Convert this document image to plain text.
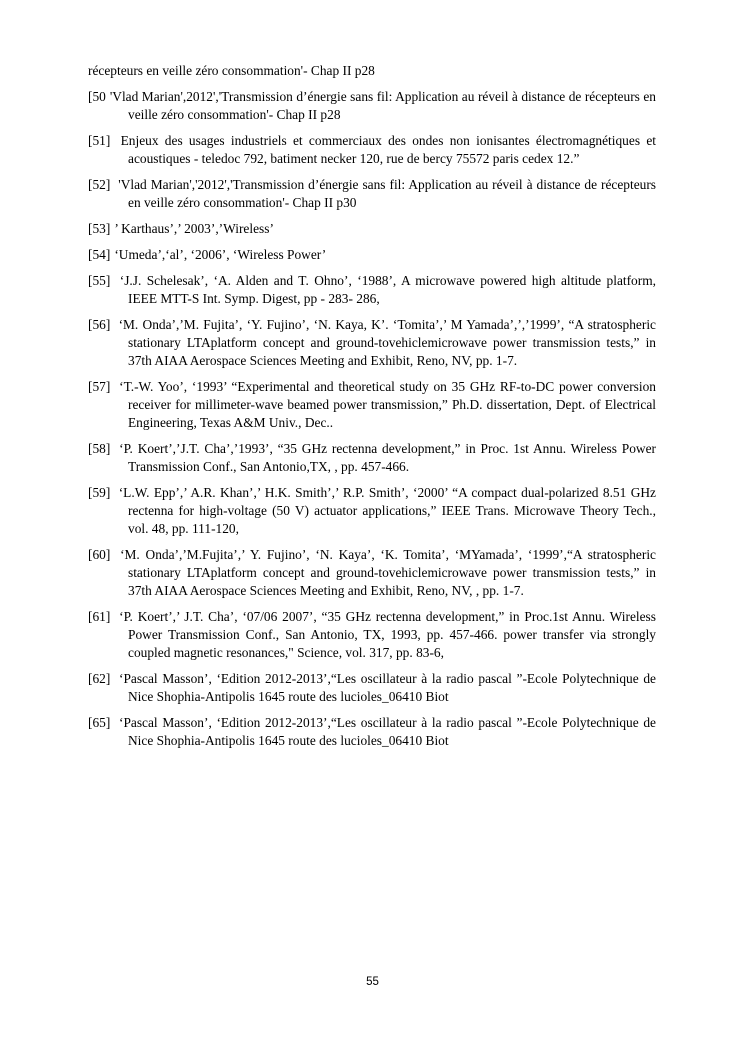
récepteurs en veille zéro consommation'- Chap II p28

[50 'Vlad Marian',2012','Transmission d’énergie sans fil: Application au réveil à distance de récepteurs en veille zéro consommation'- Chap II p28

[51] Enjeux des usages industriels et commerciaux des ondes non ionisantes électromagnétiques et acoustiques - teledoc 792, batiment necker 120, rue de bercy 75572 paris cedex 12.”

[52] 'Vlad Marian','2012','Transmission d’énergie sans fil: Application au réveil à distance de récepteurs en veille zéro consommation'- Chap II p30

[53] ’ Karthaus’,’ 2003’,’Wireless’

[54] ‘Umeda’,‘al’, ‘2006’, ‘Wireless Power’

[55] ‘J.J. Schelesak’, ‘A. Alden and T. Ohno’, ‘1988’, A microwave powered high altitude platform, IEEE MTT-S Int. Symp. Digest, pp - 283- 286,

[56] ‘M. Onda’,’M. Fujita’, ‘Y. Fujino’, ‘N. Kaya, K’. ‘Tomita’,’ M Yamada’,’,’1999’, “A stratospheric stationary LTAplatform concept and ground-tovehiclemicrowave power transmission tests,” in 37th AIAA Aerospace Sciences Meeting and Exhibit, Reno, NV, pp. 1-7.

[57] ‘T.-W. Yoo’, ‘1993’ “Experimental and theoretical study on 35 GHz RF-to-DC power conversion receiver for millimeter-wave beamed power transmission,” Ph.D. dissertation, Dept. of Electrical Engineering, Texas A&M Univ., Dec..

[58] ‘P. Koert’,’J.T. Cha’,’1993’, “35 GHz rectenna development,” in Proc. 1st Annu. Wireless Power Transmission Conf., San Antonio,TX, , pp. 457-466.

[59] ‘L.W. Epp’,’ A.R. Khan’,’ H.K. Smith’,’ R.P. Smith’, ‘2000’ “A compact dual-polarized 8.51 GHz rectenna for high-voltage (50 V) actuator applications,” IEEE Trans. Microwave Theory Tech., vol. 48, pp. 111-120,

[60] ‘M. Onda’,’M.Fujita’,’ Y. Fujino’, ‘N. Kaya’, ‘K. Tomita’, ‘MYamada’, ‘1999’,“A stratospheric stationary LTAplatform concept and ground-tovehiclemicrowave power transmission tests,” in 37th AIAA Aerospace Sciences Meeting and Exhibit, Reno, NV, , pp. 1-7.

[61] ‘P. Koert’,’ J.T. Cha’, ‘07/06 2007’, “35 GHz rectenna development,” in Proc.1st Annu. Wireless Power Transmission Conf., San Antonio, TX, 1993, pp. 457-466. power transfer via strongly coupled magnetic resonances," Science, vol. 317, pp. 83-6,

[62] ‘Pascal Masson’, ‘Edition 2012-2013’,“Les oscillateur à la radio pascal ”-Ecole Polytechnique de Nice Shophia-Antipolis 1645 route des lucioles_06410 Biot

[65] ‘Pascal Masson’, ‘Edition 2012-2013’,“Les oscillateur à la radio pascal ”-Ecole Polytechnique de Nice Shophia-Antipolis 1645 route des lucioles_06410 Biot

55
